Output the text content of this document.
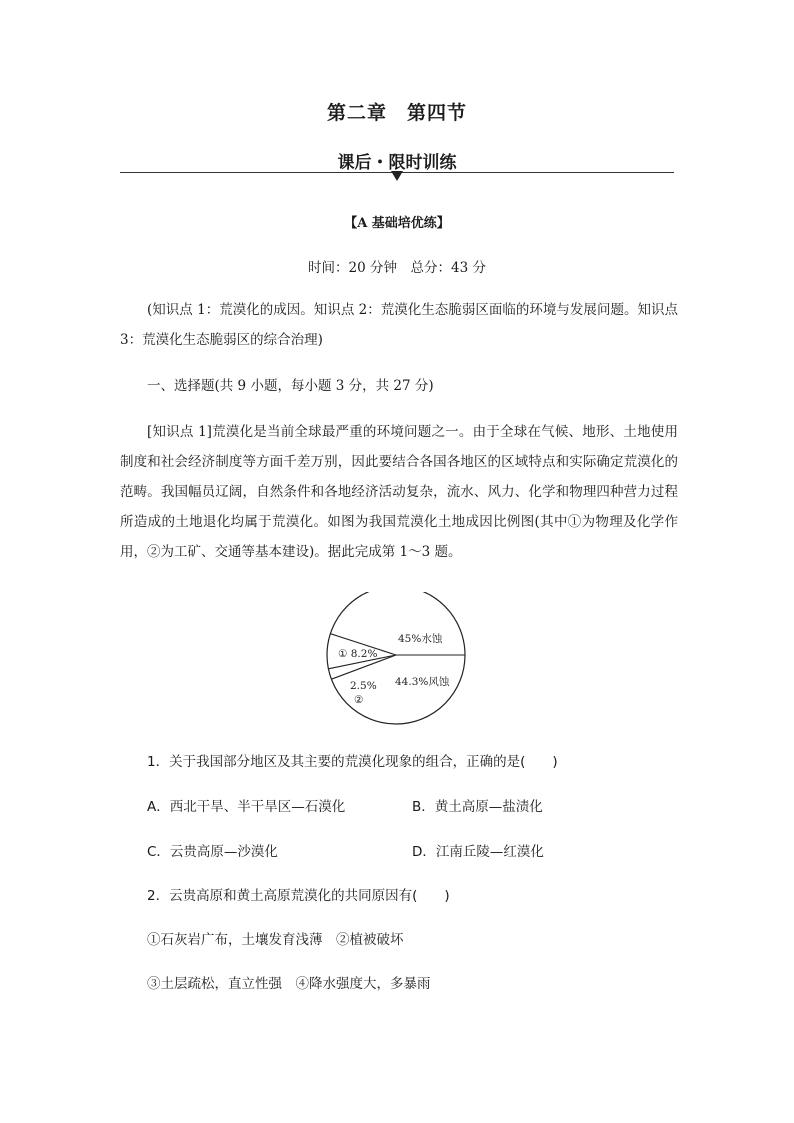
第二章　第四节
课后・限时训练
【A 基础培优练】
时间：20 分钟　总分：43 分
(知识点 1：荒漠化的成因。知识点 2：荒漠化生态脆弱区面临的环境与发展问题。知识点 3：荒漠化生态脆弱区的综合治理)
一、选择题(共 9 小题，每小题 3 分，共 27 分)
[知识点 1]荒漠化是当前全球最严重的环境问题之一。由于全球在气候、地形、土地使用制度和社会经济制度等方面千差万别，因此要结合各国各地区的区域特点和实际确定荒漠化的范畴。我国幅员辽阔，自然条件和各地经济活动复杂，流水、风力、化学和物理四种营力过程所造成的土地退化均属于荒漠化。如图为我国荒漠化土地成因比例图(其中①为物理及化学作用，②为工矿、交通等基本建设)。据此完成第 1～3 题。
45%水蚀
44.3%风蚀
2.5%
②
① 8.2%
1．关于我国部分地区及其主要的荒漠化现象的组合，正确的是(　　)
A．西北干旱、半干旱区—石漠化	B．黄土高原—盐渍化
C．云贵高原—沙漠化	D．江南丘陵—红漠化
2．云贵高原和黄土高原荒漠化的共同原因有(　　)
①石灰岩广布，土壤发育浅薄　②植被破坏
③土层疏松，直立性强　④降水强度大，多暴雨
